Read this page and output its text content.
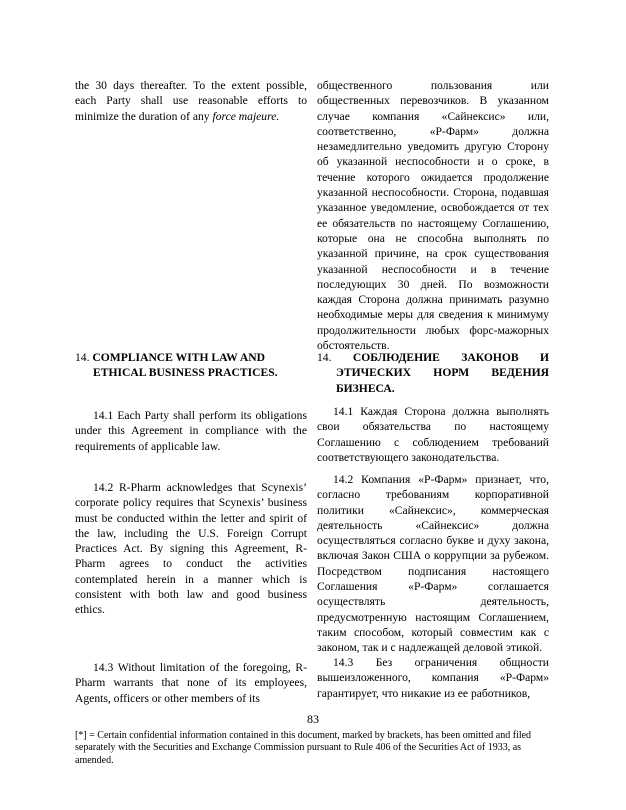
the 30 days thereafter. To the extent possible, each Party shall use reasonable efforts to minimize the duration of any force majeure.

14. COMPLIANCE WITH LAW AND
ETHICAL BUSINESS PRACTICES.

14.1 Each Party shall perform its obligations under this Agreement in compliance with the requirements of applicable law.

14.2 R-Pharm acknowledges that Scynexis’ corporate policy requires that Scynexis’ business must be conducted within the letter and spirit of the law, including the U.S. Foreign Corrupt Practices Act. By signing this Agreement, R-Pharm agrees to conduct the activities contemplated herein in a manner which is consistent with both law and good business ethics.

14.3 Without limitation of the foregoing, R-Pharm warrants that none of its employees, Agents, officers or other members of its

общественного пользования или общественных перевозчиков. В указанном случае компания «Сайнексис» или, соответственно, «Р-Фарм» должна незамедлительно уведомить другую Сторону об указанной неспособности и о сроке, в течение которого ожидается продолжение указанной неспособности. Сторона, подавшая указанное уведомление, освобождается от тех ее обязательств по настоящему Соглашению, которые она не способна выполнять по указанной причине, на срок существования указанной неспособности и в течение последующих 30 дней. По возможности каждая Сторона должна принимать разумно необходимые меры для сведения к минимуму продолжительности любых форс-мажорных обстоятельств.

14. СОБЛЮДЕНИЕ ЗАКОНОВ И
ЭТИЧЕСКИХ НОРМ ВЕДЕНИЯ
БИЗНЕСА.

14.1 Каждая Сторона должна выполнять свои обязательства по настоящему Соглашению с соблюдением требований соответствующего законодательства.

14.2 Компания «Р-Фарм» признает, что, согласно требованиям корпоративной политики «Сайнексис», коммерческая деятельность «Сайнексис» должна осуществляться согласно букве и духу закона, включая Закон США о коррупции за рубежом. Посредством подписания настоящего Соглашения «Р-Фарм» соглашается осуществлять деятельность, предусмотренную настоящим Соглашением, таким способом, который совместим как с законом, так и с надлежащей деловой этикой.

14.3 Без ограничения общности вышеизложенного, компания «Р-Фарм» гарантирует, что никакие из ее работников,

83
[*] = Certain confidential information contained in this document, marked by brackets, has been omitted and filed separately with the Securities and Exchange Commission pursuant to Rule 406 of the Securities Act of 1933, as amended.
